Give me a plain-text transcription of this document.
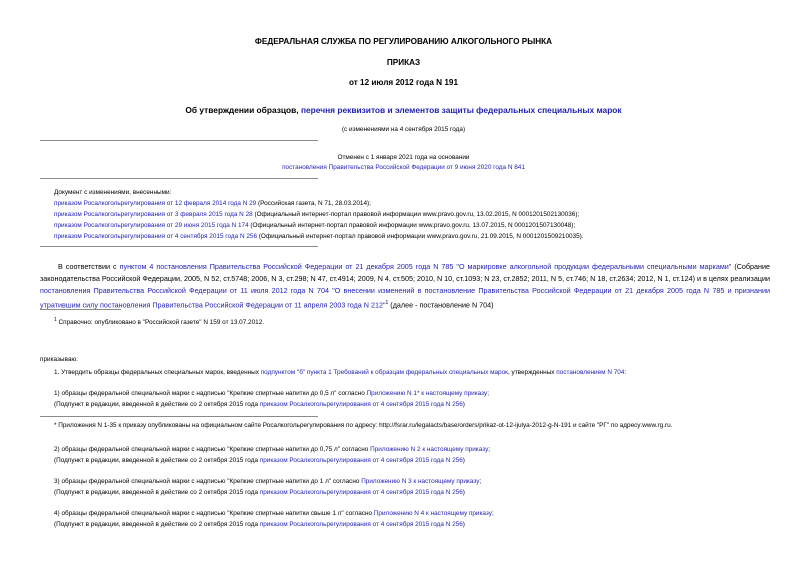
ФЕДЕРАЛЬНАЯ СЛУЖБА ПО РЕГУЛИРОВАНИЮ АЛКОГОЛЬНОГО РЫНКА
ПРИКАЗ
от 12 июля 2012 года N 191
Об утверждении образцов, перечня реквизитов и элементов защиты федеральных специальных марок
(с изменениями на 4 сентября 2015 года)
Отменен с 1 января 2021 года на основании
постановления Правительства Российской Федерации от 9 июня 2020 года N 841
Документ с изменениями, внесенными:
приказом Росалкогольрегулирования от 12 февраля 2014 года N 29 (Российская газета, N 71, 28.03.2014);
приказом Росалкогольрегулирования от 3 февраля 2015 года N 28 (Официальный интернет-портал правовой информации www.pravo.gov.ru, 13.02.2015, N 0001201502130036);
приказом Росалкогольрегулирования от 29 июня 2015 года N 174 (Официальный интернет-портал правовой информации www.pravo.gov.ru, 13.07.2015, N 0001201507130048);
приказом Росалкогольрегулирования от 4 сентября 2015 года N 256 (Официальный интернет-портал правовой информации www.pravo.gov.ru, 21.09.2015, N 0001201509210035).
В соответствии с пунктом 4 постановления Правительства Российской Федерации от 21 декабря 2005 года N 785 "О маркировке алкогольной продукции федеральными специальными марками" (Собрание законодательства Российской Федерации, 2005, N 52, ст.5748; 2006, N 3, ст.298; N 47, ст.4914; 2009, N 4, ст.505; 2010, N 10, ст.1093; N 23, ст.2852; 2011, N 5, ст.746; N 18, ст.2634; 2012, N 1, ст.124) и в целях реализации постановления Правительства Российской Федерации от 11 июля 2012 года N 704 "О внесении изменений в постановление Правительства Российской Федерации от 21 декабря 2005 года N 785 и признании утратившим силу постановления Правительства Российской Федерации от 11 апреля 2003 года N 212"$^1$ (далее - постановление N 704)
$^1$ Справочно: опубликовано в "Российской газете" N 159 от 13.07.2012.
приказываю:
1. Утвердить образцы федеральных специальных марок, введенных подпунктом "б" пункта 1 Требований к образцам федеральных специальных марок, утвержденных постановлением N 704:
1) образцы федеральной специальной марки с надписью "Крепкие спиртные напитки до 0,5 л" согласно Приложению N 1* к настоящему приказу;
(Подпункт в редакции, введенной в действие со 2 октября 2015 года приказом Росалкогольрегулирования от 4 сентября 2015 года N 256)
* Приложения N 1-35 к приказу опубликованы на официальном сайте Росалкогольрегулирования по адресу: http://fsrar.ru/legalacts/base/orders/prikaz-ot-12-ijulya-2012-g-N-191 и сайте "РГ" по адресу:www.rg.ru.
2) образцы федеральной специальной марки с надписью "Крепкие спиртные напитки до 0,75 л" согласно Приложению N 2 к настоящему приказу;
(Подпункт в редакции, введенной в действие со 2 октября 2015 года приказом Росалкогольрегулирования от 4 сентября 2015 года N 256)
3) образцы федеральной специальной марки с надписью "Крепкие спиртные напитки до 1 л" согласно Приложению N 3 к настоящему приказу;
(Подпункт в редакции, введенной в действие со 2 октября 2015 года приказом Росалкогольрегулирования от 4 сентября 2015 года N 256)
4) образцы федеральной специальной марки с надписью "Крепкие спиртные напитки свыше 1 л" согласно Приложению N 4 к настоящему приказу;
(Подпункт в редакции, введенной в действие со 2 октября 2015 года приказом Росалкогольрегулирования от 4 сентября 2015 года N 256)
